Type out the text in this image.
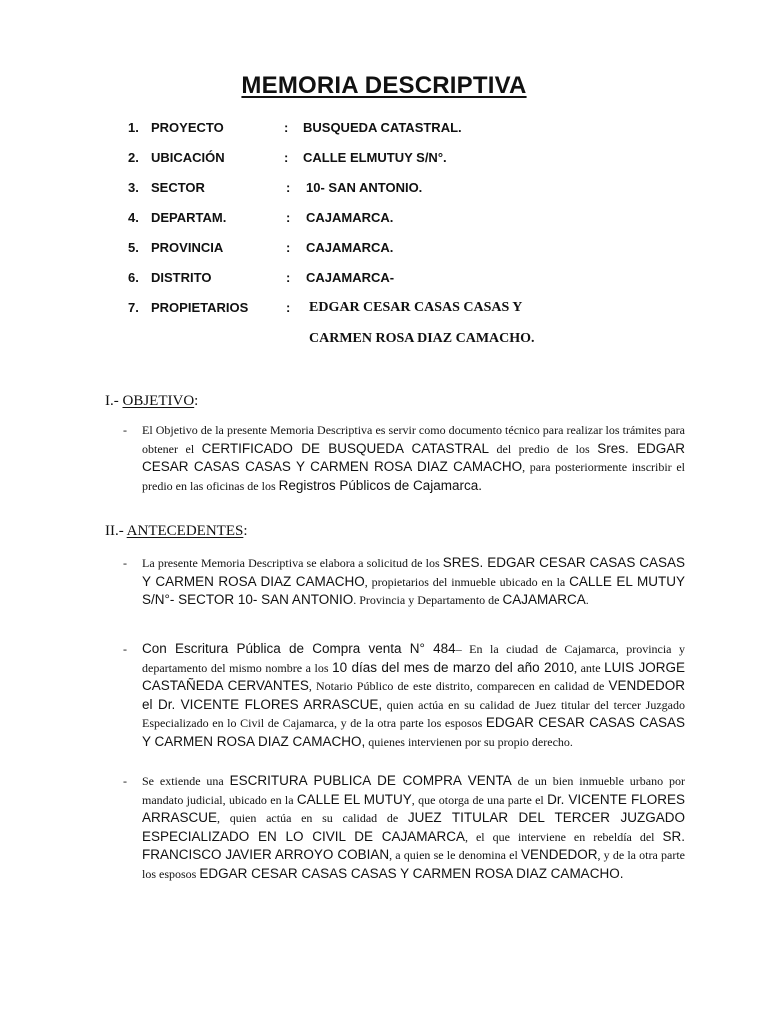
MEMORIA DESCRIPTIVA
1. PROYECTO	: BUSQUEDA CATASTRAL.
2. UBICACIÓN	: CALLE ELMUTUY S/N°.
3. SECTOR	: 10- SAN ANTONIO.
4. DEPARTAM.	: CAJAMARCA.
5. PROVINCIA	: CAJAMARCA.
6. DISTRITO	: CAJAMARCA-
7. PROPIETARIOS	: EDGAR CESAR CASAS CASAS Y
CARMEN ROSA DIAZ CAMACHO.
I.- OBJETIVO:
- El Objetivo de la presente Memoria Descriptiva es servir como documento técnico para realizar los trámites para obtener el CERTIFICADO DE BUSQUEDA CATASTRAL del predio de los Sres. EDGAR CESAR CASAS CASAS Y CARMEN ROSA DIAZ CAMACHO, para posteriormente inscribir el predio en las oficinas de los Registros Públicos de Cajamarca.
II.- ANTECEDENTES:
- La presente Memoria Descriptiva se elabora a solicitud de los SRES. EDGAR CESAR CASAS CASAS Y CARMEN ROSA DIAZ CAMACHO, propietarios del inmueble ubicado en la CALLE EL MUTUY S/N°- SECTOR 10- SAN ANTONIO. Provincia y Departamento de CAJAMARCA.
- Con Escritura Pública de Compra venta N° 484– En la ciudad de Cajamarca, provincia y departamento del mismo nombre a los 10 días del mes de marzo del año 2010, ante LUIS JORGE CASTAÑEDA CERVANTES, Notario Público de este distrito, comparecen en calidad de VENDEDOR el Dr. VICENTE FLORES ARRASCUE, quien actúa en su calidad de Juez titular del tercer Juzgado Especializado en lo Civil de Cajamarca, y de la otra parte los esposos EDGAR CESAR CASAS CASAS Y CARMEN ROSA DIAZ CAMACHO, quienes intervienen por su propio derecho.
- Se extiende una ESCRITURA PUBLICA DE COMPRA VENTA de un bien inmueble urbano por mandato judicial, ubicado en la CALLE EL MUTUY, que otorga de una parte el Dr. VICENTE FLORES ARRASCUE, quien actúa en su calidad de JUEZ TITULAR DEL TERCER JUZGADO ESPECIALIZADO EN LO CIVIL DE CAJAMARCA, el que interviene en rebeldía del SR. FRANCISCO JAVIER ARROYO COBIAN, a quien se le denomina el VENDEDOR, y de la otra parte los esposos EDGAR CESAR CASAS CASAS Y CARMEN ROSA DIAZ CAMACHO.
